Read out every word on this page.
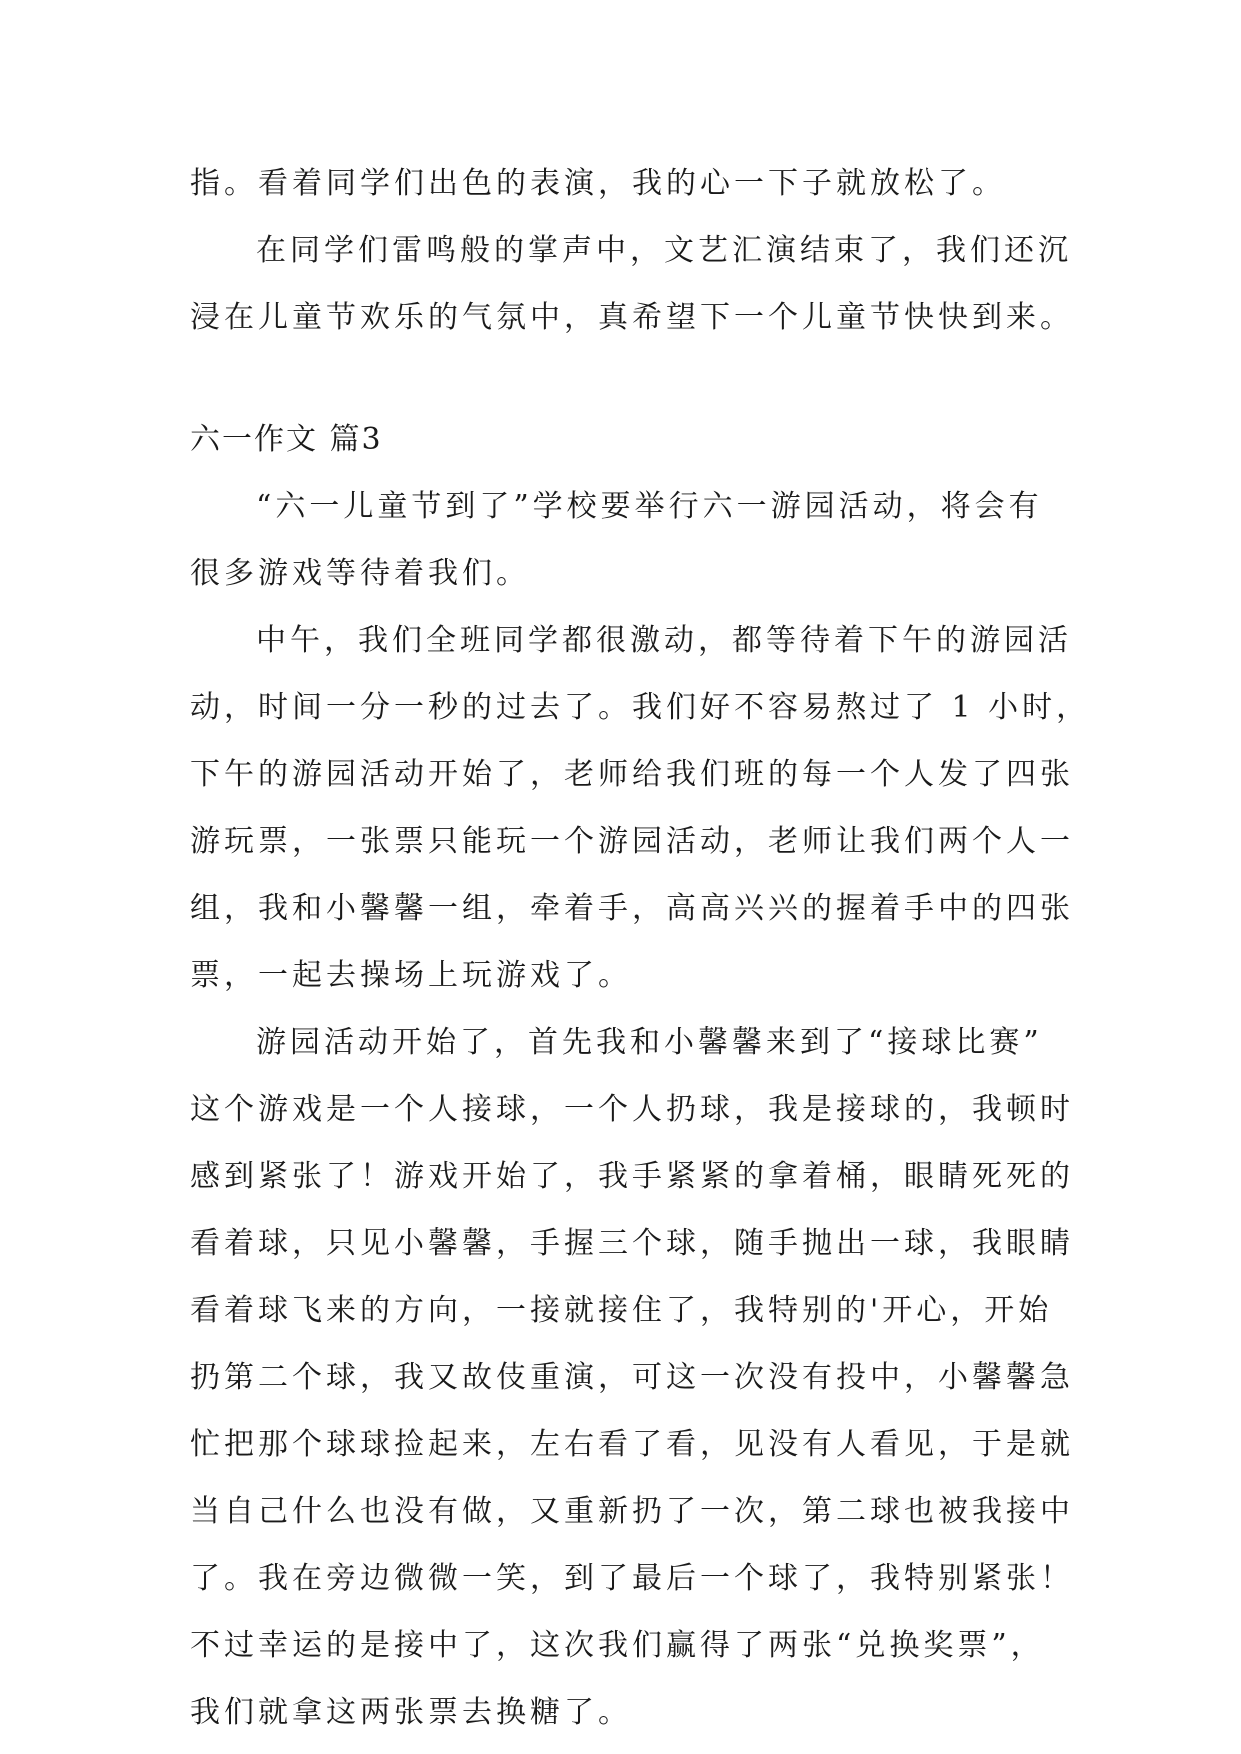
指。看着同学们出色的表演，我的心一下子就放松了。
在同学们雷鸣般的掌声中，文艺汇演结束了，我们还沉
浸在儿童节欢乐的气氛中，真希望下一个儿童节快快到来。
六一作文 篇3
“六一儿童节到了”学校要举行六一游园活动，将会有
很多游戏等待着我们。
中午，我们全班同学都很激动，都等待着下午的游园活
动，时间一分一秒的过去了。我们好不容易熬过了 1 小时，
下午的游园活动开始了，老师给我们班的每一个人发了四张
游玩票，一张票只能玩一个游园活动，老师让我们两个人一
组，我和小馨馨一组，牵着手，高高兴兴的握着手中的四张
票，一起去操场上玩游戏了。
游园活动开始了，首先我和小馨馨来到了“接球比赛”
这个游戏是一个人接球，一个人扔球，我是接球的，我顿时
感到紧张了！游戏开始了，我手紧紧的拿着桶，眼睛死死的
看着球，只见小馨馨，手握三个球，随手抛出一球，我眼睛
看着球飞来的方向，一接就接住了，我特别的'开心，开始
扔第二个球，我又故伎重演，可这一次没有投中，小馨馨急
忙把那个球球捡起来，左右看了看，见没有人看见，于是就
当自己什么也没有做，又重新扔了一次，第二球也被我接中
了。我在旁边微微一笑，到了最后一个球了，我特别紧张！
不过幸运的是接中了，这次我们赢得了两张“兑换奖票”，
我们就拿这两张票去换糖了。
